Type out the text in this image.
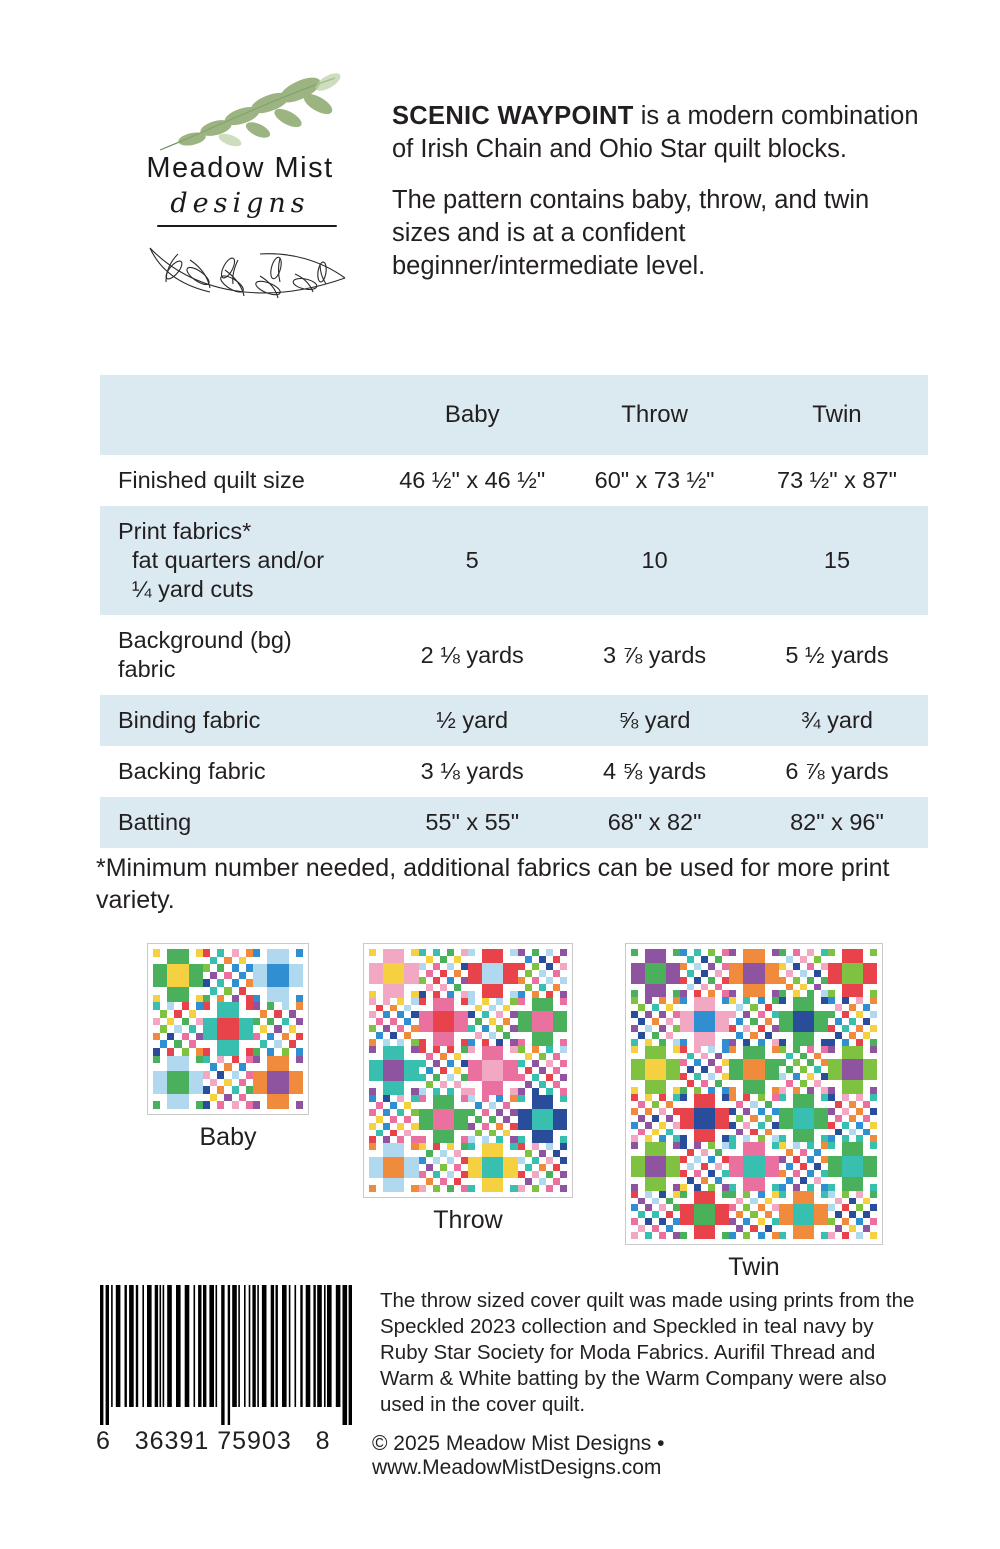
Meadow Mist
designs

SCENIC WAYPOINT is a modern combination of Irish Chain and Ohio Star quilt blocks.

The pattern contains baby, throw, and twin sizes and is at a confident beginner/intermediate level.

	Baby	Throw	Twin
Finished quilt size	46 ½" x 46 ½"	60" x 73 ½"	73 ½" x 87"
Print fabrics*
fat quarters and/or
¼ yard cuts	5	10	15
Background (bg)
fabric	2 ⅛ yards	3 ⅞ yards	5 ½ yards
Binding fabric	½ yard	⅝ yard	¾ yard
Backing fabric	3 ⅛ yards	4 ⅝ yards	6 ⅞ yards
Batting	55" x 55"	68" x 82"	82" x 96"
*Minimum number needed, additional fabrics can be used for more print variety.
Baby
Throw
Twin
6   36391 75903   8
The throw sized cover quilt was made using prints from the Speckled 2023 collection and Speckled in teal navy by Ruby Star Society for Moda Fabrics. Aurifil Thread and Warm & White batting by the Warm Company were also used in the cover quilt.
© 2025 Meadow Mist Designs • www.MeadowMistDesigns.com
